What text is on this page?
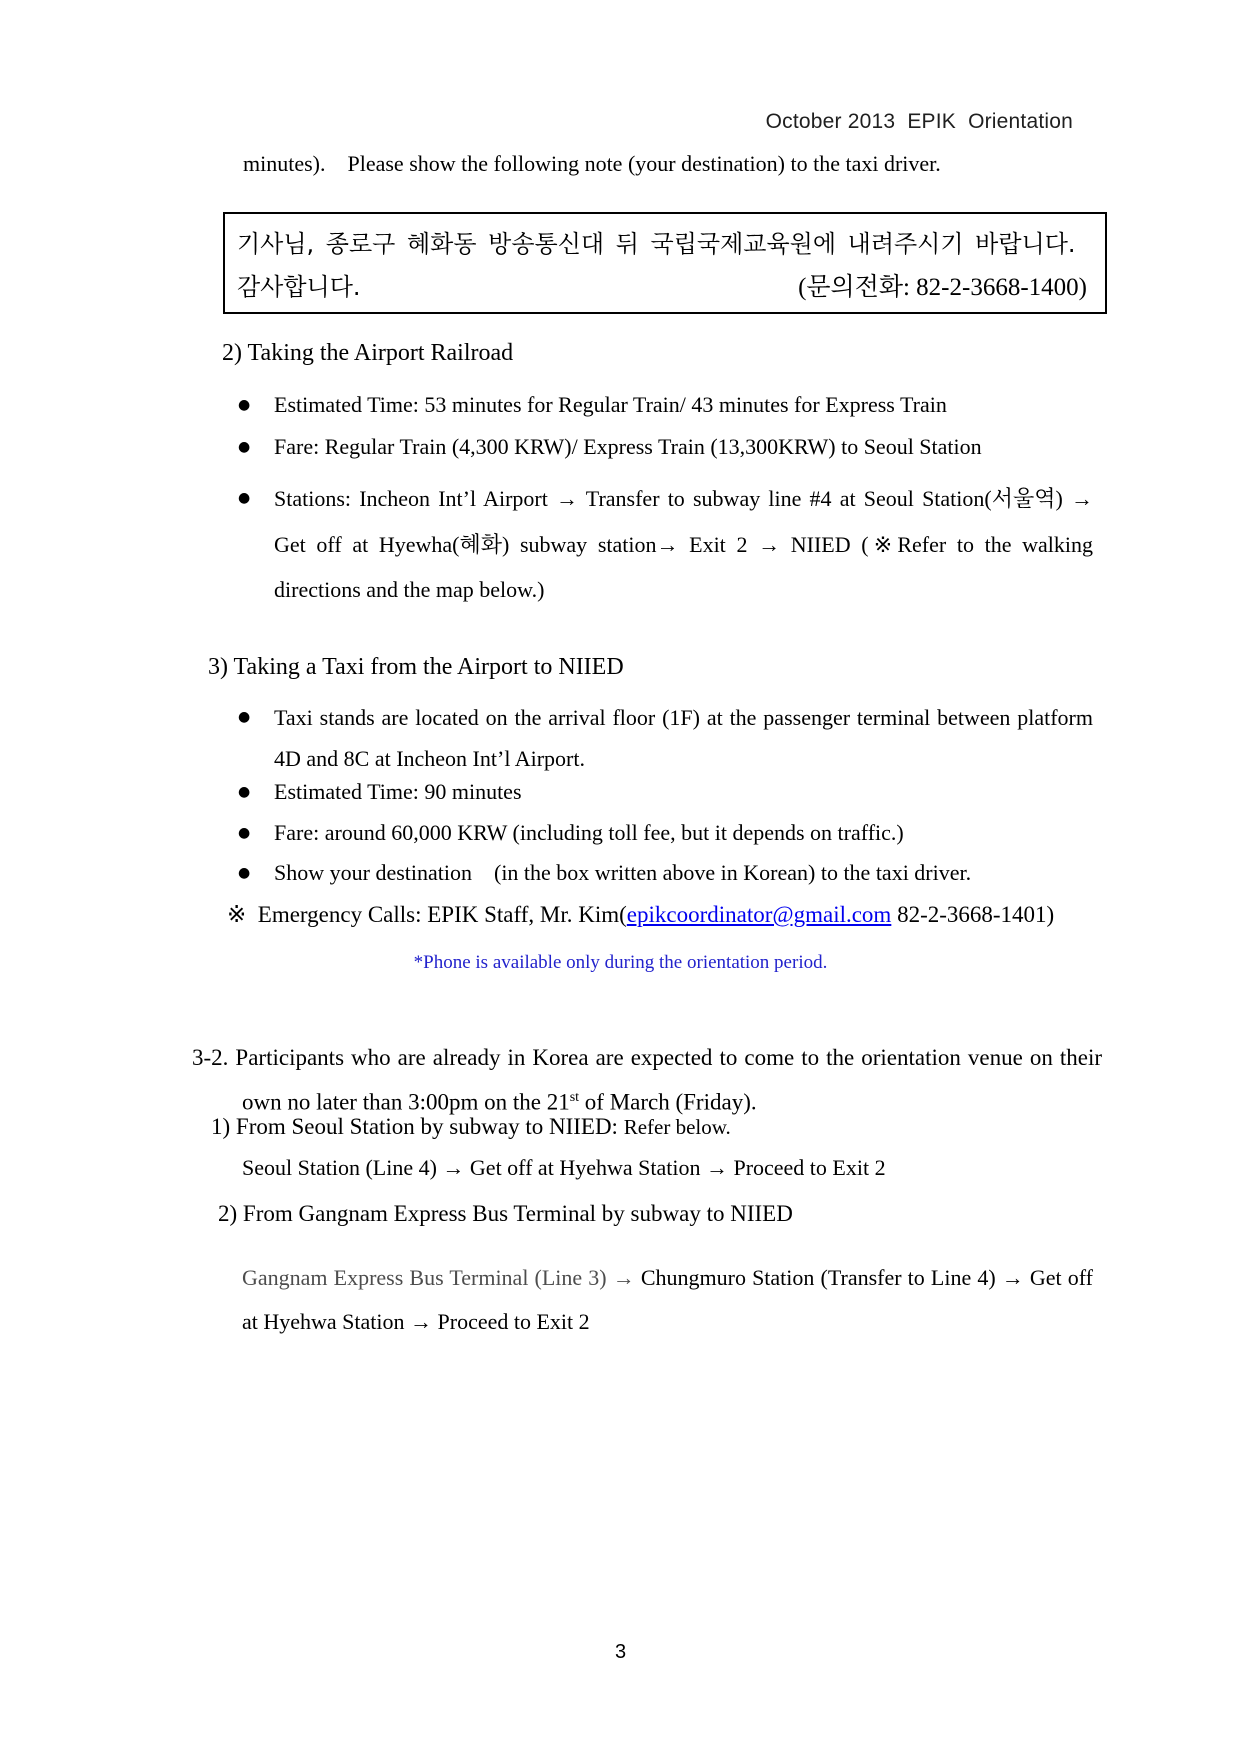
October 2013  EPIK  Orientation

minutes).    Please show the following note (your destination) to the taxi driver.

기사님, 종로구 혜화동 방송통신대 뒤 국립국제교육원에 내려주시기 바랍니다.

감사합니다.	(문의전화: 82-2-3668-1400)

2) Taking the Airport Railroad
●	Estimated Time: 53 minutes for Regular Train/ 43 minutes for Express Train

●	Fare: Regular Train (4,300 KRW)/ Express Train (13,300KRW) to Seoul Station

●	Stations: Incheon Int’l Airport → Transfer to subway line #4 at Seoul Station(서울역) → Get off at Hyewha(혜화) subway station→ Exit 2 → NIIED (※Refer to the walking directions and the map below.)

3) Taking a Taxi from the Airport to NIIED
●	Taxi stands are located on the arrival floor (1F) at the passenger terminal between platform 4D and 8C at Incheon Int’l Airport.

●	Estimated Time: 90 minutes

●	Fare: around 60,000 KRW (including toll fee, but it depends on traffic.)

●	Show your destination    (in the box written above in Korean) to the taxi driver.

※  Emergency Calls: EPIK Staff, Mr. Kim(epikcoordinator@gmail.com 82-2-3668-1401)

*Phone is available only during the orientation period.

3-2. Participants who are already in Korea are expected to come to the orientation venue on their own no later than 3:00pm on the 21st of March (Friday).

1) From Seoul Station by subway to NIIED: Refer below.

Seoul Station (Line 4) → Get off at Hyehwa Station → Proceed to Exit 2

2) From Gangnam Express Bus Terminal by subway to NIIED

Gangnam Express Bus Terminal (Line 3) → Chungmuro Station (Transfer to Line 4) → Get off at Hyehwa Station → Proceed to Exit 2

3
